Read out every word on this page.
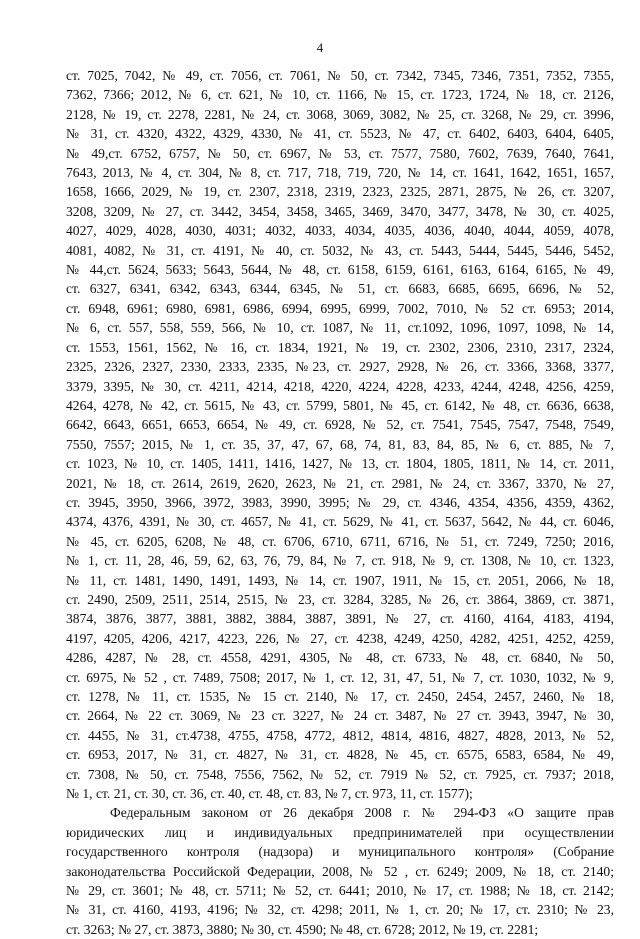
4
ст. 7025, 7042, № 49, ст. 7056, ст. 7061, № 50, ст. 7342, 7345, 7346, 7351, 7352, 7355,
7362, 7366; 2012, № 6, ст. 621, № 10, ст. 1166, № 15, ст. 1723, 1724, № 18, ст. 2126,
2128, № 19, ст. 2278, 2281, № 24, ст. 3068, 3069, 3082, № 25, ст. 3268, № 29, ст. 3996,
№ 31, ст. 4320, 4322, 4329, 4330, № 41, ст. 5523, № 47, ст. 6402, 6403, 6404, 6405,
№ 49,ст. 6752, 6757, № 50, ст. 6967, № 53, ст. 7577, 7580, 7602, 7639, 7640, 7641,
7643, 2013, № 4, ст. 304, № 8, ст. 717, 718, 719, 720, № 14, ст. 1641, 1642, 1651, 1657,
1658, 1666, 2029, № 19, ст. 2307, 2318, 2319, 2323, 2325, 2871, 2875, № 26, ст. 3207,
3208, 3209, № 27, ст. 3442, 3454, 3458, 3465, 3469, 3470, 3477, 3478, № 30, ст. 4025,
4027, 4029, 4028, 4030, 4031; 4032, 4033, 4034, 4035, 4036, 4040, 4044, 4059, 4078,
4081, 4082, № 31, ст. 4191, № 40, ст. 5032, № 43, ст. 5443, 5444, 5445, 5446, 5452,
№ 44,ст. 5624, 5633; 5643, 5644, № 48, ст. 6158, 6159, 6161, 6163, 6164, 6165, № 49,
ст. 6327, 6341, 6342, 6343, 6344, 6345, № 51, ст. 6683, 6685, 6695, 6696, № 52,
ст. 6948, 6961; 6980, 6981, 6986, 6994, 6995, 6999, 7002, 7010, № 52 ст. 6953; 2014,
№ 6, ст. 557, 558, 559, 566, № 10, ст. 1087, № 11, ст.1092, 1096, 1097, 1098, № 14,
ст. 1553, 1561, 1562, № 16, ст. 1834, 1921, № 19, ст. 2302, 2306, 2310, 2317, 2324,
2325, 2326, 2327, 2330, 2333, 2335, №23, ст. 2927, 2928, № 26, ст. 3366, 3368, 3377,
3379, 3395, № 30, ст. 4211, 4214, 4218, 4220, 4224, 4228, 4233, 4244, 4248, 4256, 4259,
4264, 4278, № 42, ст. 5615, № 43, ст. 5799, 5801, № 45, ст. 6142, № 48, ст. 6636, 6638,
6642, 6643, 6651, 6653, 6654, № 49, ст. 6928, № 52, ст. 7541, 7545, 7547, 7548, 7549,
7550, 7557; 2015, № 1, ст. 35, 37, 47, 67, 68, 74, 81, 83, 84, 85, № 6, ст. 885, № 7,
ст. 1023, № 10, ст. 1405, 1411, 1416, 1427, № 13, ст. 1804, 1805, 1811, № 14, ст. 2011,
2021, № 18, ст. 2614, 2619, 2620, 2623, № 21, ст. 2981, № 24, ст. 3367, 3370, № 27,
ст. 3945, 3950, 3966, 3972, 3983, 3990, 3995; № 29, ст. 4346, 4354, 4356, 4359, 4362,
4374, 4376, 4391, № 30, ст. 4657, № 41, ст. 5629, № 41, ст. 5637, 5642, № 44, ст. 6046,
№ 45, ст. 6205, 6208, № 48, ст. 6706, 6710, 6711, 6716, № 51, ст. 7249, 7250; 2016,
№ 1, ст. 11, 28, 46, 59, 62, 63, 76, 79, 84, № 7, ст. 918, № 9, ст. 1308, № 10, ст. 1323,
№ 11, ст. 1481, 1490, 1491, 1493, № 14, ст. 1907, 1911, № 15, ст. 2051, 2066, № 18,
ст. 2490, 2509, 2511, 2514, 2515, № 23, ст. 3284, 3285, № 26, ст. 3864, 3869, ст. 3871,
3874, 3876, 3877, 3881, 3882, 3884, 3887, 3891, № 27, ст. 4160, 4164, 4183, 4194,
4197, 4205, 4206, 4217, 4223, 226, № 27, ст. 4238, 4249, 4250, 4282, 4251, 4252, 4259,
4286, 4287, № 28, ст. 4558, 4291, 4305, № 48, ст. 6733, № 48, ст. 6840, № 50,
ст. 6975, № 52 , ст. 7489, 7508; 2017, № 1, ст. 12, 31, 47, 51, № 7, ст. 1030, 1032, № 9,
ст. 1278, № 11, ст. 1535, № 15 ст. 2140, № 17, ст. 2450, 2454, 2457, 2460, № 18,
ст. 2664, № 22 ст. 3069, № 23 ст. 3227, № 24 ст. 3487, № 27 ст. 3943, 3947, № 30,
ст. 4455, № 31, ст.4738, 4755, 4758, 4772, 4812, 4814, 4816, 4827, 4828, 2013, № 52,
ст. 6953, 2017, № 31, ст. 4827, № 31, ст. 4828, № 45, ст. 6575, 6583, 6584, № 49,
ст. 7308, № 50, ст. 7548, 7556, 7562, № 52, ст. 7919 № 52, ст. 7925, ст. 7937; 2018,
№ 1, ст. 21, ст. 30, ст. 36, ст. 40, ст. 48, ст. 83, № 7, ст. 973, 11, ст. 1577);
Федеральным законом от 26 декабря 2008 г. № 294-ФЗ «О защите прав
юридических лиц и индивидуальных предпринимателей при осуществлении
государственного контроля (надзора) и муниципального контроля» (Собрание
законодательства Российской Федерации, 2008, № 52 , ст. 6249; 2009, № 18, ст. 2140;
№ 29, ст. 3601; № 48, ст. 5711; № 52, ст. 6441; 2010, № 17, ст. 1988; № 18, ст. 2142;
№ 31, ст. 4160, 4193, 4196; № 32, ст. 4298; 2011, № 1, ст. 20; № 17, ст. 2310; № 23,
ст. 3263; № 27, ст. 3873, 3880; № 30, ст. 4590; № 48, ст. 6728; 2012, № 19, ст. 2281;
